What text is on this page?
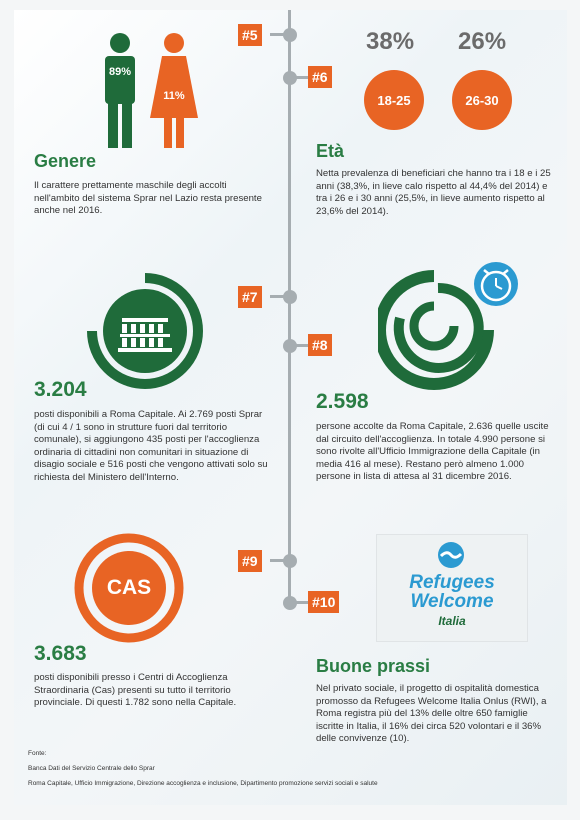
#5
#6
89%
11%
Genere
Il carattere prettamente maschile degli accolti nell'ambito del sistema Sprar nel Lazio resta presente anche nel 2016.
38% 26%
18-25	26-30
Età
Netta prevalenza di beneficiari che hanno tra i 18 e i 25 anni (38,3%, in lieve calo rispetto al 44,4% del 2014) e tra i 26 e i 30 anni (25,5%, in lieve aumento rispetto al 23,6% del 2014).
#7
#8
3.204
posti disponibili a Roma Capitale. Ai 2.769 posti Sprar (di cui 4 / 1 sono in strutture fuori dal territorio comunale), si aggiungono 435 posti per l'accoglienza ordinaria di cittadini non comunitari in situazione di disagio sociale e 516 posti che vengono attivati solo su richiesta del Ministero dell'Interno.
2.598
persone accolte da Roma Capitale, 2.636 quelle uscite dal circuito dell'accoglienza. In totale 4.990 persone si sono rivolte all'Ufficio Immigrazione della Capitale (in media 416 al mese). Restano però almeno 1.000 persone in lista di attesa al 31 dicembre 2016.
#9
#10
CAS
3.683
posti disponibili presso i Centri di Accoglienza Straordinaria (Cas) presenti su tutto il territorio provinciale. Di questi 1.782 sono nella Capitale.
Refugees
Welcome
Italia
Buone prassi
Nel privato sociale, il progetto di ospitalità domestica promosso da Refugees Welcome Italia Onlus (RWI), a Roma registra più del 13% delle oltre 650 famiglie iscritte in Italia, il 16% dei circa 520 volontari e il 36% delle convivenze (10).
Fonte:
Banca Dati del Servizio Centrale dello Sprar
Roma Capitale, Ufficio Immigrazione, Direzione accoglienza e inclusione, Dipartimento promozione servizi sociali e salute
